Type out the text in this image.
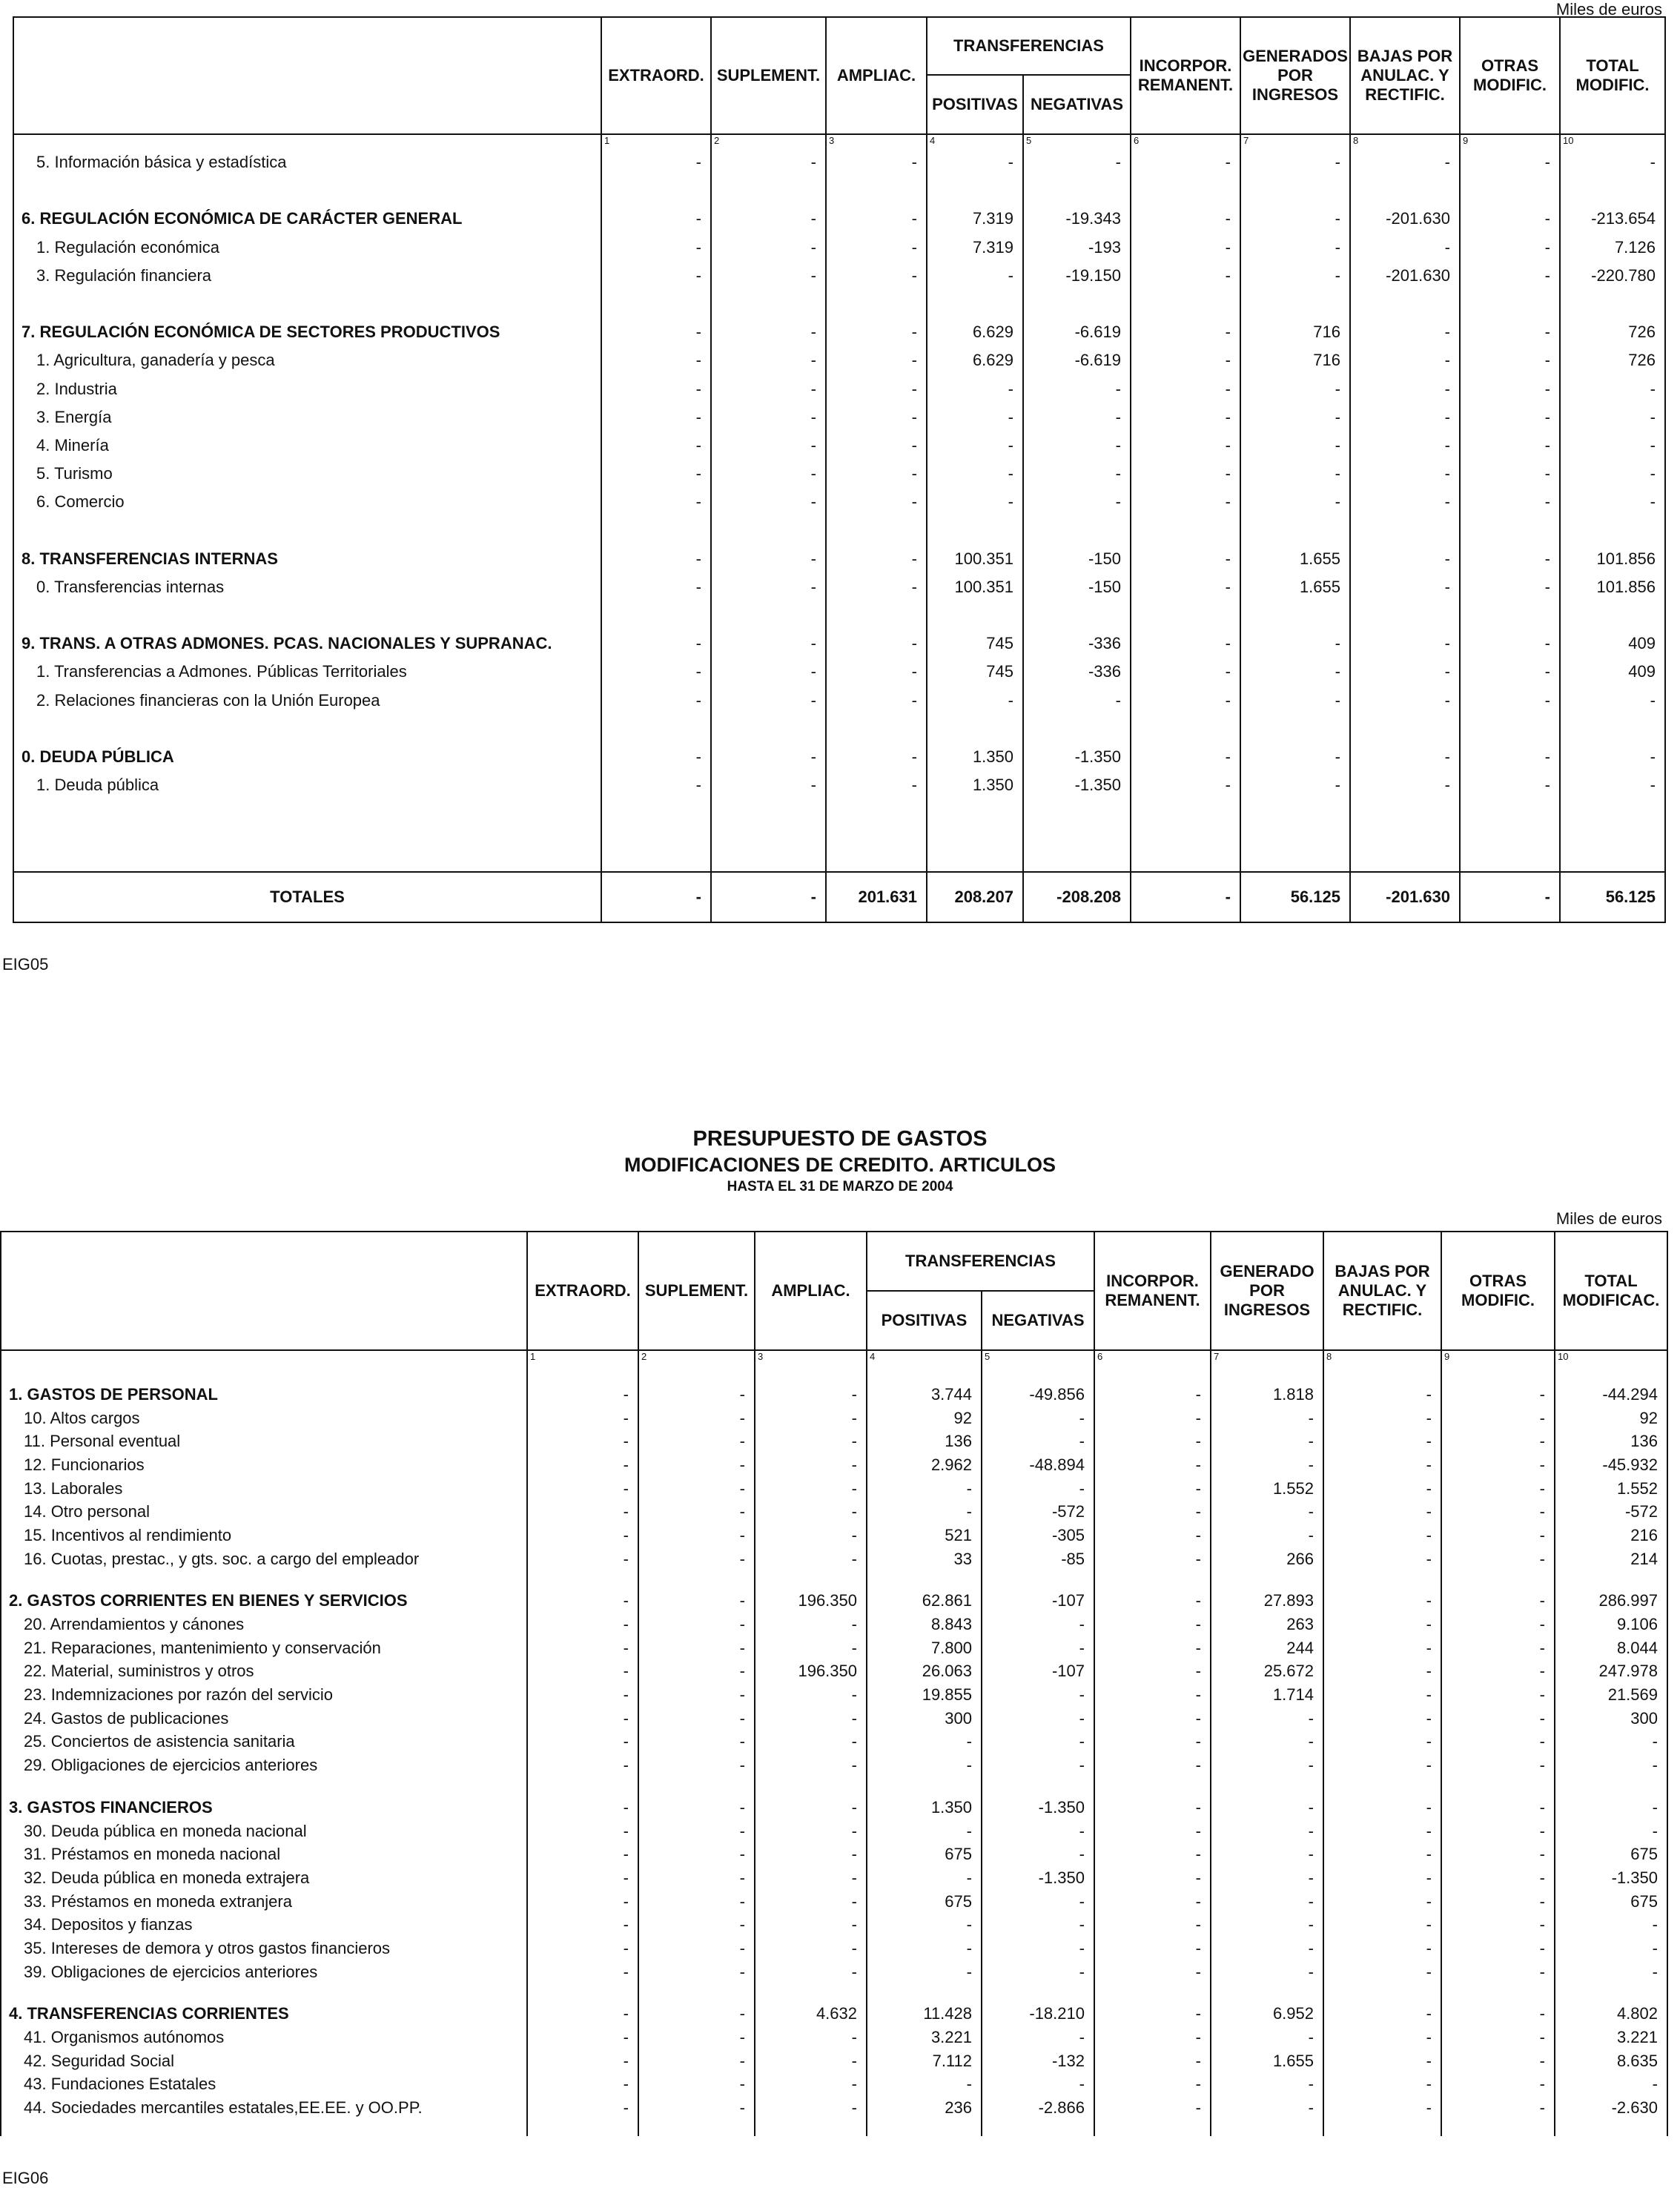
Miles de euros
	EXTRAORD.	SUPLEMENT.	AMPLIAC.	TRANSFERENCIAS		INCORPOR. REMANENT.	GENERADOS POR INGRESOS	BAJAS POR ANULAC. Y RECTIFIC.	OTRAS MODIFIC.	TOTAL MODIFIC.
				POSITIVAS	NEGATIVAS					
	1	2	3	4	5	6	7	8	9	10
5. Información básica y estadística	-	-	-	-	-	-	-	-	-	-

6. REGULACIÓN ECONÓMICA DE CARÁCTER GENERAL	-	-	-	7.319	-19.343	-	-	-201.630	-	-213.654
1. Regulación económica	-	-	-	7.319	-193	-	-	-	-	7.126
3. Regulación financiera	-	-	-	-	-19.150	-	-	-201.630	-	-220.780

7. REGULACIÓN ECONÓMICA DE SECTORES PRODUCTIVOS	-	-	-	6.629	-6.619	-	716	-	-	726
1. Agricultura, ganadería y pesca	-	-	-	6.629	-6.619	-	716	-	-	726
2. Industria	-	-	-	-	-	-	-	-	-	-
3. Energía	-	-	-	-	-	-	-	-	-	-
4. Minería	-	-	-	-	-	-	-	-	-	-
5. Turismo	-	-	-	-	-	-	-	-	-	-
6. Comercio	-	-	-	-	-	-	-	-	-	-

8. TRANSFERENCIAS INTERNAS	-	-	-	100.351	-150	-	1.655	-	-	101.856
0. Transferencias internas	-	-	-	100.351	-150	-	1.655	-	-	101.856

9. TRANS. A OTRAS ADMONES. PCAS. NACIONALES Y SUPRANAC.	-	-	-	745	-336	-	-	-	-	409
1. Transferencias a Admones. Públicas Territoriales	-	-	-	745	-336	-	-	-	-	409
2. Relaciones financieras con la Unión Europea	-	-	-	-	-	-	-	-	-	-

0. DEUDA PÚBLICA	-	-	-	1.350	-1.350	-	-	-	-	-
1. Deuda pública	-	-	-	1.350	-1.350	-	-	-	-	-

TOTALES	-	-	201.631	208.207	-208.208	-	56.125	-201.630	-	56.125
EIG05
PRESUPUESTO DE GASTOS
MODIFICACIONES DE CREDITO. ARTICULOS
HASTA EL 31 DE MARZO DE 2004
Miles de euros
	EXTRAORD.	SUPLEMENT.	AMPLIAC.	TRANSFERENCIAS		INCORPOR. REMANENT.	GENERADO POR INGRESOS	BAJAS POR ANULAC. Y RECTIFIC.	OTRAS MODIFIC.	TOTAL MODIFICAC.
				POSITIVAS	NEGATIVAS					
	1	2	3	4	5	6	7	8	9	10

1. GASTOS DE PERSONAL	-	-	-	3.744	-49.856	-	1.818	-	-	-44.294
10. Altos cargos	-	-	-	92	-	-	-	-	-	92
11. Personal eventual	-	-	-	136	-	-	-	-	-	136
12. Funcionarios	-	-	-	2.962	-48.894	-	-	-	-	-45.932
13. Laborales	-	-	-	-	-	-	1.552	-	-	1.552
14. Otro personal	-	-	-	-	-572	-	-	-	-	-572
15. Incentivos al rendimiento	-	-	-	521	-305	-	-	-	-	216
16. Cuotas, prestac., y gts. soc. a cargo del empleador	-	-	-	33	-85	-	266	-	-	214

2. GASTOS CORRIENTES EN BIENES Y SERVICIOS	-	-	196.350	62.861	-107	-	27.893	-	-	286.997
20. Arrendamientos y cánones	-	-	-	8.843	-	-	263	-	-	9.106
21. Reparaciones, mantenimiento y conservación	-	-	-	7.800	-	-	244	-	-	8.044
22. Material, suministros y otros	-	-	196.350	26.063	-107	-	25.672	-	-	247.978
23. Indemnizaciones por razón del servicio	-	-	-	19.855	-	-	1.714	-	-	21.569
24. Gastos de publicaciones	-	-	-	300	-	-	-	-	-	300
25. Conciertos de asistencia sanitaria	-	-	-	-	-	-	-	-	-	-
29. Obligaciones de ejercicios anteriores	-	-	-	-	-	-	-	-	-	-

3. GASTOS FINANCIEROS	-	-	-	1.350	-1.350	-	-	-	-	-
30. Deuda pública en moneda nacional	-	-	-	-	-	-	-	-	-	-
31. Préstamos en moneda nacional	-	-	-	675	-	-	-	-	-	675
32. Deuda pública en moneda extrajera	-	-	-	-	-1.350	-	-	-	-	-1.350
33. Préstamos en moneda extranjera	-	-	-	675	-	-	-	-	-	675
34. Depositos y fianzas	-	-	-	-	-	-	-	-	-	-
35. Intereses de demora y otros gastos financieros	-	-	-	-	-	-	-	-	-	-
39. Obligaciones de ejercicios anteriores	-	-	-	-	-	-	-	-	-	-

4. TRANSFERENCIAS CORRIENTES	-	-	4.632	11.428	-18.210	-	6.952	-	-	4.802
41. Organismos autónomos	-	-	-	3.221	-	-	-	-	-	3.221
42. Seguridad Social	-	-	-	7.112	-132	-	1.655	-	-	8.635
43. Fundaciones Estatales	-	-	-	-	-	-	-	-	-	-
44. Sociedades mercantiles estatales,EE.EE. y OO.PP.	-	-	-	236	-2.866	-	-	-	-	-2.630

EIG06
